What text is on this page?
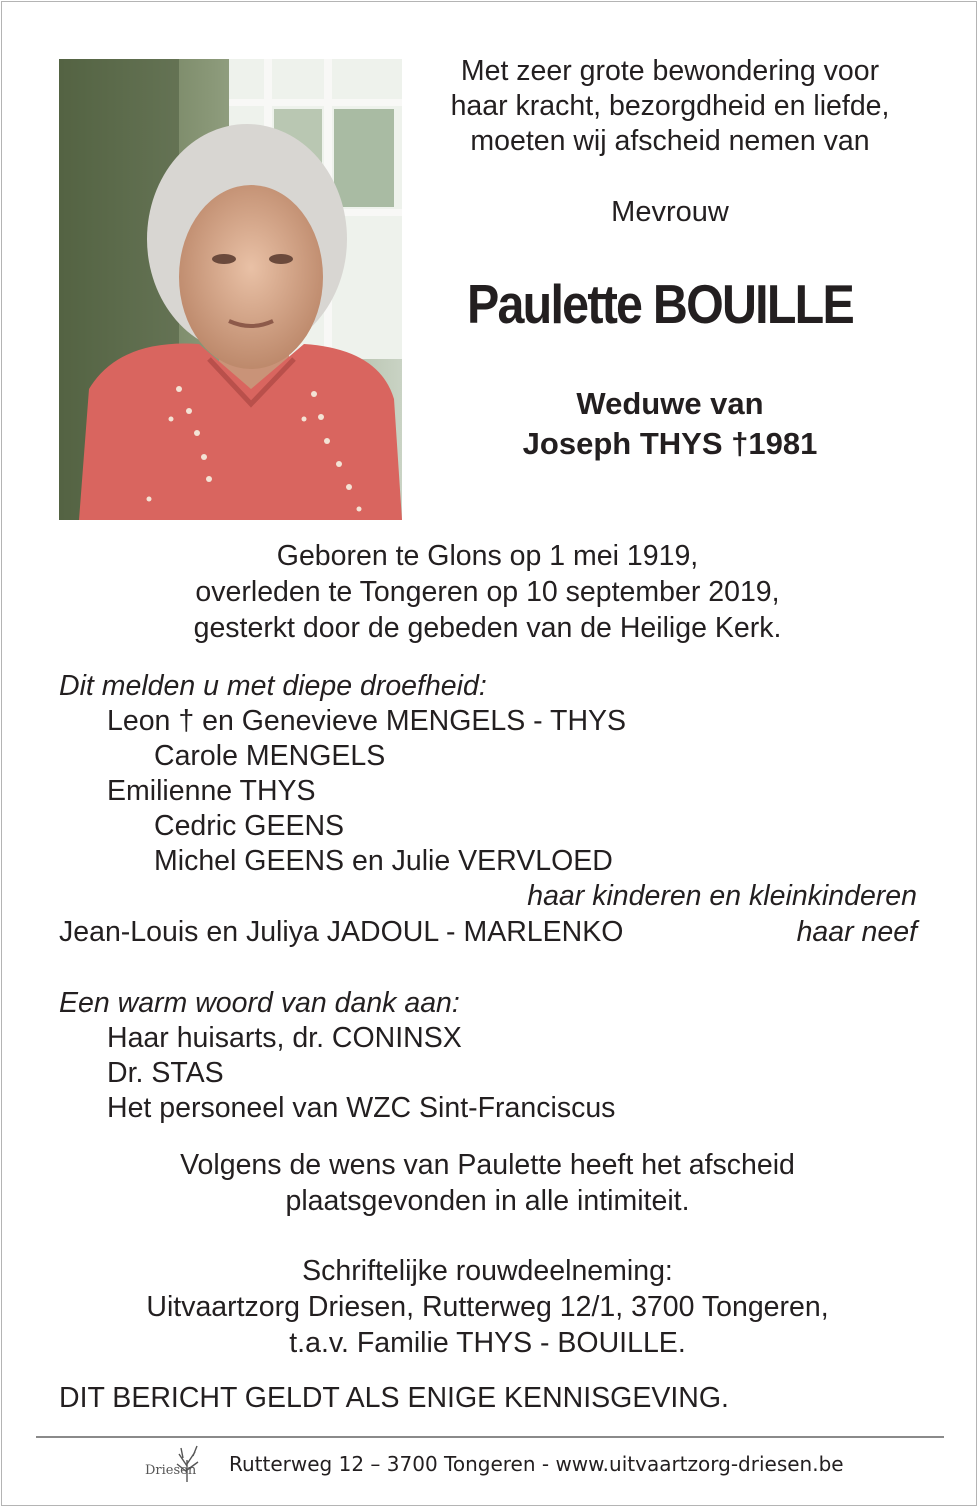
Met zeer grote bewondering voor
haar kracht, bezorgdheid en liefde,
moeten wij afscheid nemen van
Mevrouw
Paulette BOUILLE
Weduwe van
Joseph THYS †1981
Geboren te Glons op 1 mei 1919,
overleden te Tongeren op 10 september 2019,
gesterkt door de gebeden van de Heilige Kerk.
Dit melden u met diepe droefheid:
Leon † en Genevieve MENGELS - THYS
Carole MENGELS
Emilienne THYS
Cedric GEENS
Michel GEENS en Julie VERVLOED
haar kinderen en kleinkinderen
Jean-Louis en Juliya JADOUL - MARLENKO	haar neef
Een warm woord van dank aan:
Haar huisarts, dr. CONINSX
Dr. STAS
Het personeel van WZC Sint-Franciscus
Volgens de wens van Paulette heeft het afscheid
plaatsgevonden in alle intimiteit.
Schriftelijke rouwdeelneming:
Uitvaartzorg Driesen, Rutterweg 12/1, 3700 Tongeren,
t.a.v. Familie THYS - BOUILLE.
DIT BERICHT GELDT ALS ENIGE KENNISGEVING.
Driesen Rutterweg 12 – 3700 Tongeren - www.uitvaartzorg-driesen.be
